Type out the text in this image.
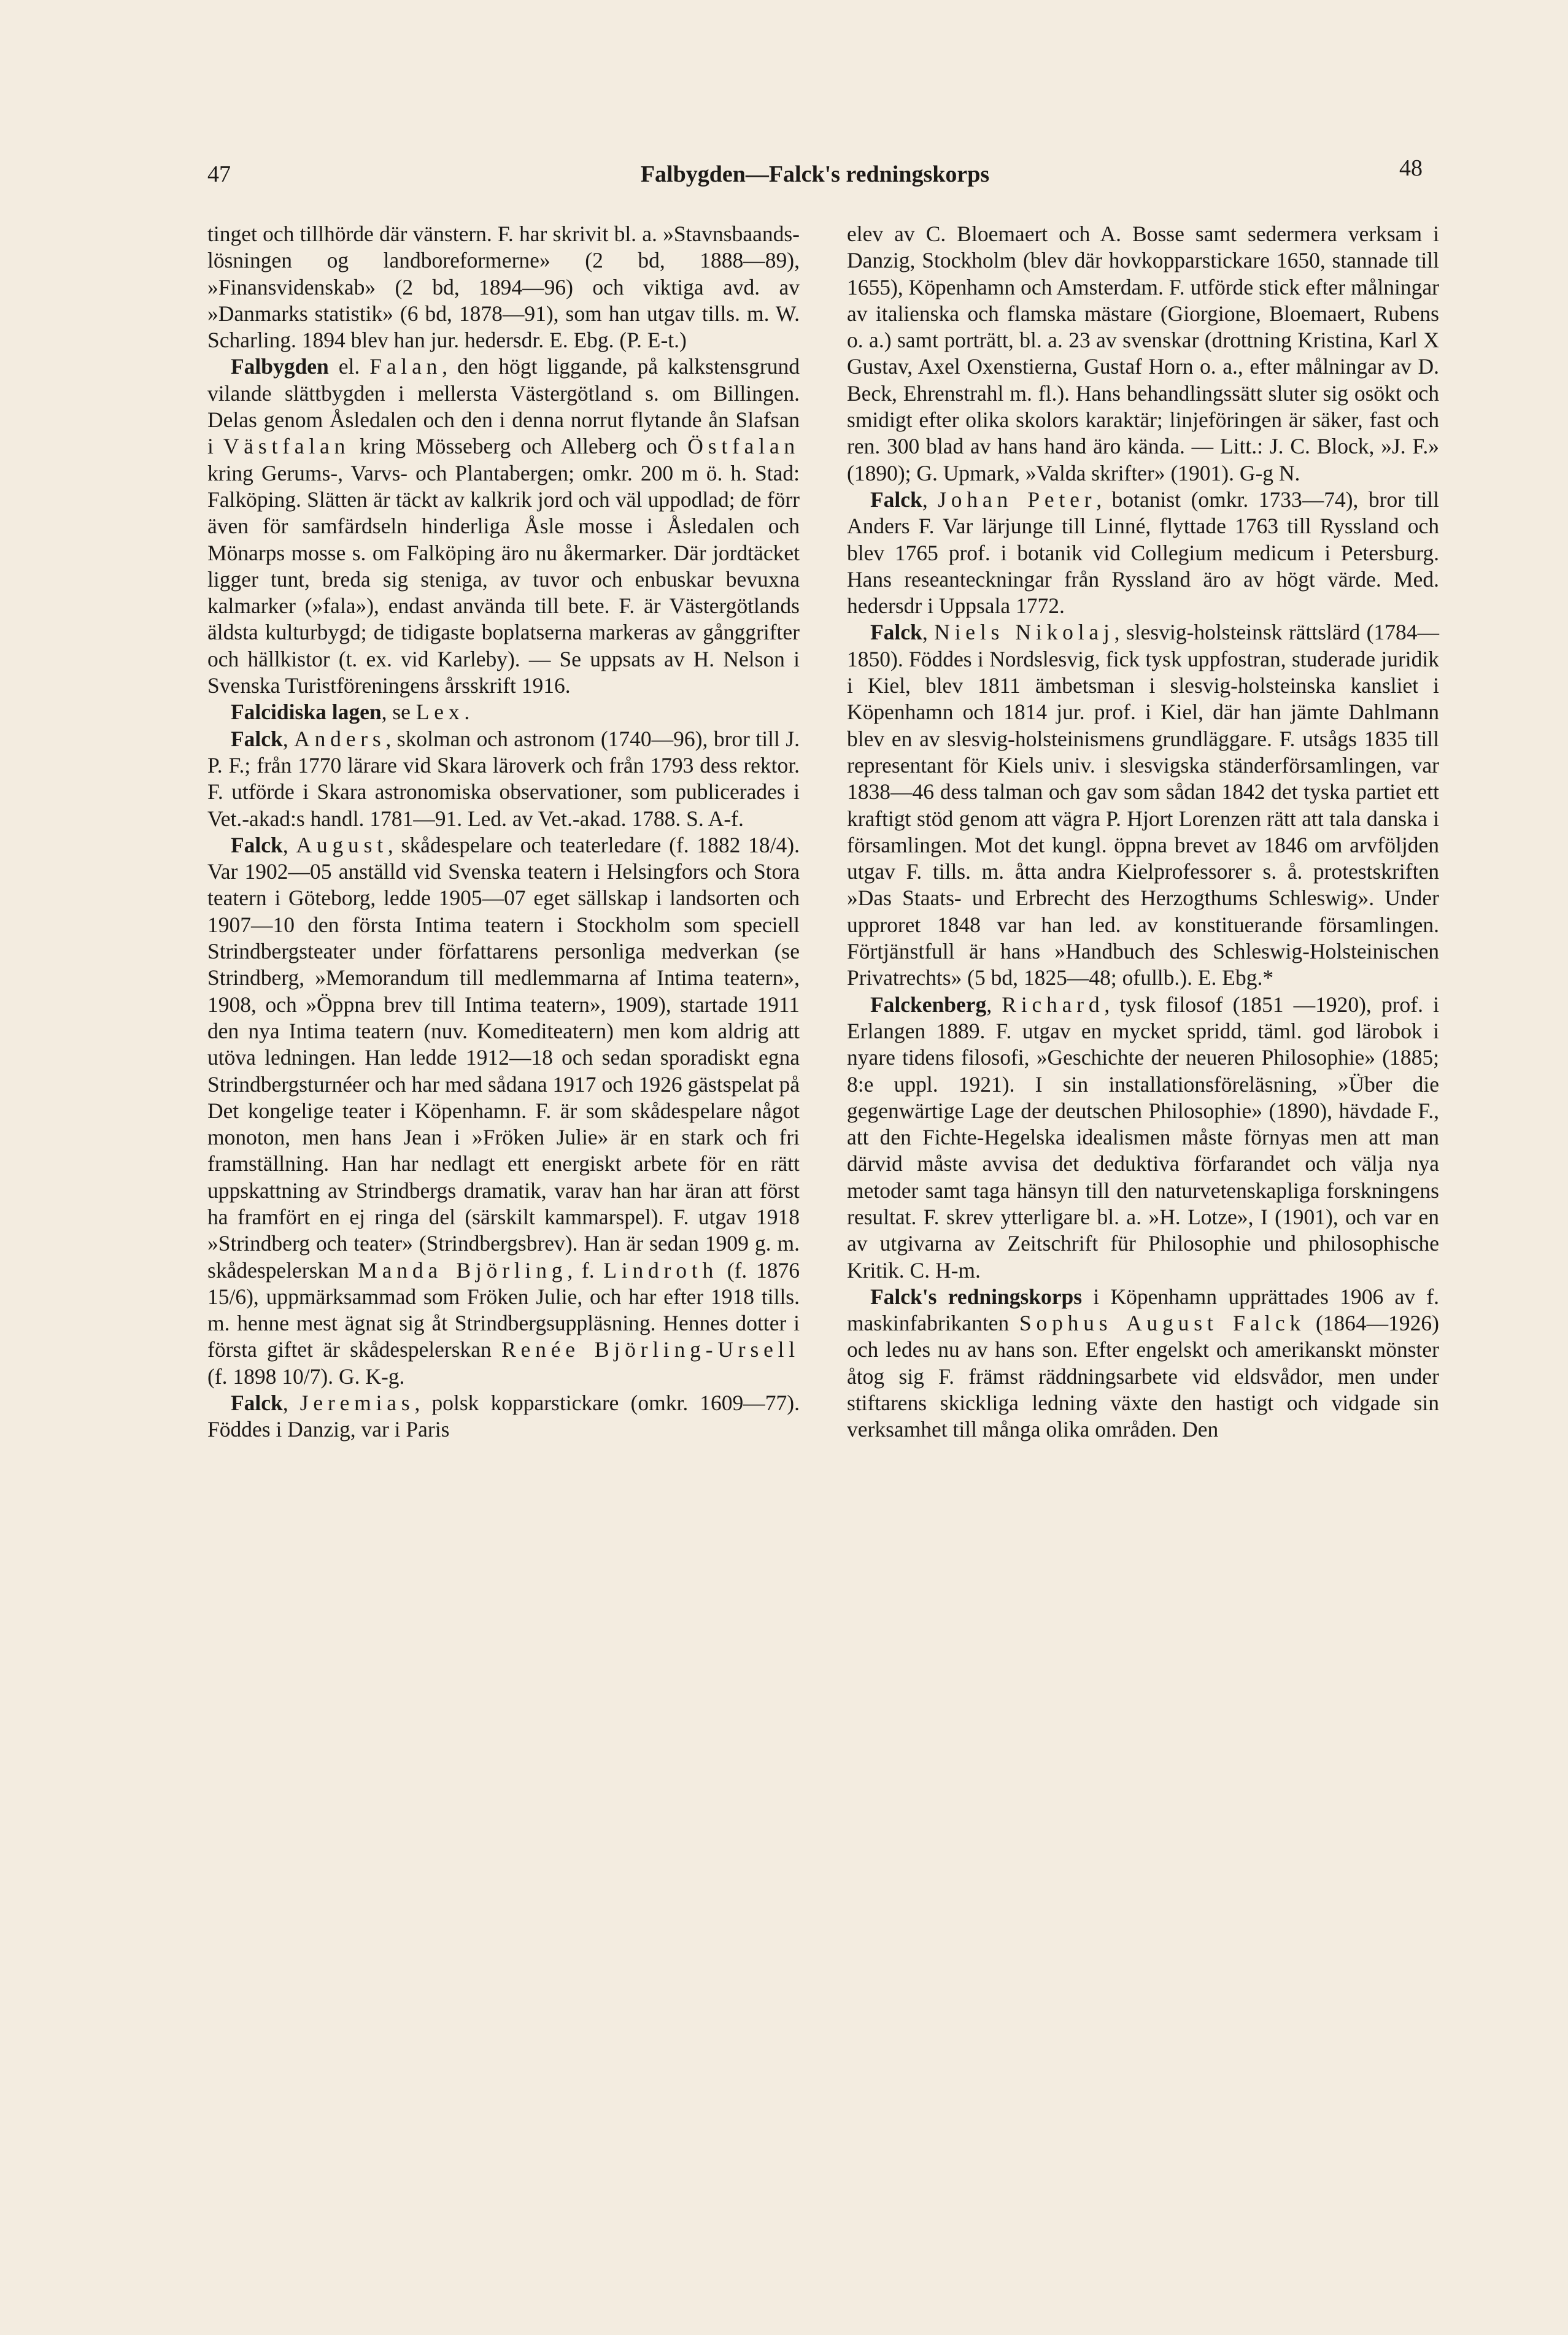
47	Falbygden—Falck's redningskorps	48

tinget och tillhörde där vänstern. F. har skrivit bl. a. »Stavnsbaands-lösningen og landboreformerne» (2 bd, 1888—89), »Finansvidenskab» (2 bd, 1894—96) och viktiga avd. av »Danmarks statistik» (6 bd, 1878—91), som han utgav tills. m. W. Scharling. 1894 blev han jur. hedersdr. E. Ebg. (P. E-t.)

Falbygden el. Falan, den högt liggande, på kalkstensgrund vilande slättbygden i mellersta Västergötland s. om Billingen. Delas genom Åsledalen och den i denna norrut flytande ån Slafsan i Västfalan kring Mösseberg och Alleberg och Östfalan kring Gerums-, Varvs- och Plantabergen; omkr. 200 m ö. h. Stad: Falköping. Slätten är täckt av kalkrik jord och väl uppodlad; de förr även för samfärdseln hinderliga Åsle mosse i Åsledalen och Mönarps mosse s. om Falköping äro nu åkermarker. Där jordtäcket ligger tunt, breda sig steniga, av tuvor och enbuskar bevuxna kalmarker (»fala»), endast använda till bete. F. är Västergötlands äldsta kulturbygd; de tidigaste boplatserna markeras av gånggrifter och hällkistor (t. ex. vid Karleby). — Se uppsats av H. Nelson i Svenska Turistföreningens årsskrift 1916.

Falcidiska lagen, se Lex.

Falck, Anders, skolman och astronom (1740—96), bror till J. P. F.; från 1770 lärare vid Skara läroverk och från 1793 dess rektor. F. utförde i Skara astronomiska observationer, som publicerades i Vet.-akad:s handl. 1781—91. Led. av Vet.-akad. 1788. S. A-f.

Falck, August, skådespelare och teaterledare (f. 1882 18/4). Var 1902—05 anställd vid Svenska teatern i Helsingfors och Stora teatern i Göteborg, ledde 1905—07 eget sällskap i landsorten och 1907—10 den första Intima teatern i Stockholm som speciell Strindbergsteater under författarens personliga medverkan (se Strindberg, »Memorandum till medlemmarna af Intima teatern», 1908, och »Öppna brev till Intima teatern», 1909), startade 1911 den nya Intima teatern (nuv. Komediteatern) men kom aldrig att utöva ledningen. Han ledde 1912—18 och sedan sporadiskt egna Strindbergsturnéer och har med sådana 1917 och 1926 gästspelat på Det kongelige teater i Köpenhamn. F. är som skådespelare något monoton, men hans Jean i »Fröken Julie» är en stark och fri framställning. Han har nedlagt ett energiskt arbete för en rätt uppskattning av Strindbergs dramatik, varav han har äran att först ha framfört en ej ringa del (särskilt kammarspel). F. utgav 1918 »Strindberg och teater» (Strindbergsbrev). Han är sedan 1909 g. m. skådespelerskan Manda Björling, f. Lindroth (f. 1876 15/6), uppmärksammad som Fröken Julie, och har efter 1918 tills. m. henne mest ägnat sig åt Strindbergsuppläsning. Hennes dotter i första giftet är skådespelerskan Renée Björling-Ursell (f. 1898 10/7). G. K-g.

Falck, Jeremias, polsk kopparstickare (omkr. 1609—77). Föddes i Danzig, var i Paris

elev av C. Bloemaert och A. Bosse samt sedermera verksam i Danzig, Stockholm (blev där hovkopparstickare 1650, stannade till 1655), Köpenhamn och Amsterdam. F. utförde stick efter målningar av italienska och flamska mästare (Giorgione, Bloemaert, Rubens o. a.) samt porträtt, bl. a. 23 av svenskar (drottning Kristina, Karl X Gustav, Axel Oxenstierna, Gustaf Horn o. a., efter målningar av D. Beck, Ehrenstrahl m. fl.). Hans behandlingssätt sluter sig osökt och smidigt efter olika skolors karaktär; linjeföringen är säker, fast och ren. 300 blad av hans hand äro kända. — Litt.: J. C. Block, »J. F.» (1890); G. Upmark, »Valda skrifter» (1901). G-g N.

Falck, Johan Peter, botanist (omkr. 1733—74), bror till Anders F. Var lärjunge till Linné, flyttade 1763 till Ryssland och blev 1765 prof. i botanik vid Collegium medicum i Petersburg. Hans reseanteckningar från Ryssland äro av högt värde. Med. hedersdr i Uppsala 1772.

Falck, Niels Nikolaj, slesvig-holsteinsk rättslärd (1784—1850). Föddes i Nordslesvig, fick tysk uppfostran, studerade juridik i Kiel, blev 1811 ämbetsman i slesvig-holsteinska kansliet i Köpenhamn och 1814 jur. prof. i Kiel, där han jämte Dahlmann blev en av slesvig-holsteinismens grundläggare. F. utsågs 1835 till representant för Kiels univ. i slesvigska ständerförsamlingen, var 1838—46 dess talman och gav som sådan 1842 det tyska partiet ett kraftigt stöd genom att vägra P. Hjort Lorenzen rätt att tala danska i församlingen. Mot det kungl. öppna brevet av 1846 om arvföljden utgav F. tills. m. åtta andra Kielprofessorer s. å. protestskriften »Das Staats- und Erbrecht des Herzogthums Schleswig». Under upproret 1848 var han led. av konstituerande församlingen. Förtjänstfull är hans »Handbuch des Schleswig-Holsteinischen Privatrechts» (5 bd, 1825—48; ofullb.). E. Ebg.*

Falckenberg, Richard, tysk filosof (1851 —1920), prof. i Erlangen 1889. F. utgav en mycket spridd, täml. god lärobok i nyare tidens filosofi, »Geschichte der neueren Philosophie» (1885; 8:e uppl. 1921). I sin installationsföreläsning, »Über die gegenwärtige Lage der deutschen Philosophie» (1890), hävdade F., att den Fichte-Hegelska idealismen måste förnyas men att man därvid måste avvisa det deduktiva förfarandet och välja nya metoder samt taga hänsyn till den naturvetenskapliga forskningens resultat. F. skrev ytterligare bl. a. »H. Lotze», I (1901), och var en av utgivarna av Zeitschrift für Philosophie und philosophische Kritik. C. H-m.

Falck's redningskorps i Köpenhamn upprättades 1906 av f. maskinfabrikanten Sophus August Falck (1864—1926) och ledes nu av hans son. Efter engelskt och amerikanskt mönster åtog sig F. främst räddningsarbete vid eldsvådor, men under stiftarens skickliga ledning växte den hastigt och vidgade sin verksamhet till många olika områden. Den
